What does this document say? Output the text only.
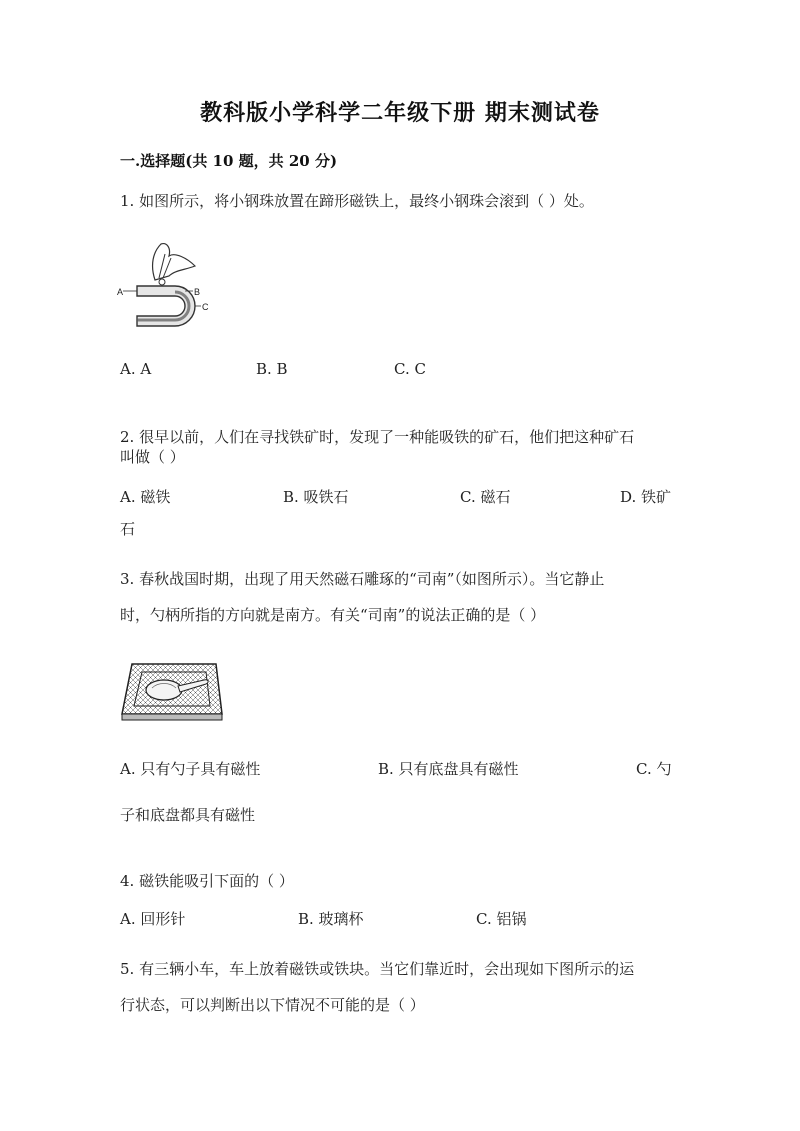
教科版小学科学二年级下册 期末测试卷
一.选择题(共 10 题，共 20 分)
1. 如图所示，将小钢珠放置在蹄形磁铁上，最终小钢珠会滚到（ ）处。
A	B
C
A. A	B. B	C. C
2. 很早以前，人们在寻找铁矿时，发现了一种能吸铁的矿石，他们把这种矿石
叫做（ ）
A. 磁铁	B. 吸铁石	C. 磁石	D. 铁矿
石
3. 春秋战国时期，出现了用天然磁石雕琢的“司南”（如图所示）。当它静止
时，勺柄所指的方向就是南方。有关“司南”的说法正确的是（ ）
A. 只有勺子具有磁性	B. 只有底盘具有磁性	C. 勺
子和底盘都具有磁性
4. 磁铁能吸引下面的（ ）
A. 回形针	B. 玻璃杯	C. 铝锅
5. 有三辆小车，车上放着磁铁或铁块。当它们靠近时，会出现如下图所示的运
行状态，可以判断出以下情况不可能的是（ ）
